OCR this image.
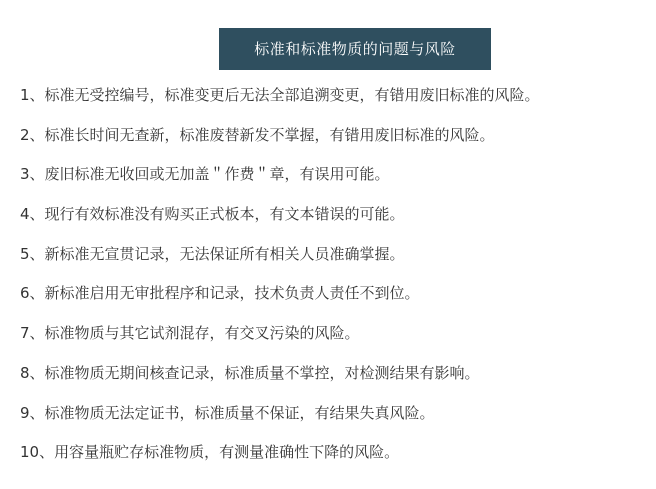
标准和标准物质的问题与风险
1、标准无受控编号，标准变更后无法全部追溯变更，有错用废旧标准的风险。
2、标准长时间无查新，标准废替新发不掌握，有错用废旧标准的风险。
3、废旧标准无收回或无加盖＂作费＂章，有误用可能。
4、现行有效标准没有购买正式板本，有文本错误的可能。
5、新标准无宣贯记录，无法保证所有相关人员准确掌握。
6、新标准启用无审批程序和记录，技术负责人责任不到位。
7、标准物质与其它试剂混存，有交叉污染的风险。
8、标准物质无期间核查记录，标准质量不掌控，对检测结果有影响。
9、标准物质无法定证书，标准质量不保证，有结果失真风险。
10、用容量瓶贮存标准物质，有测量准确性下降的风险。
